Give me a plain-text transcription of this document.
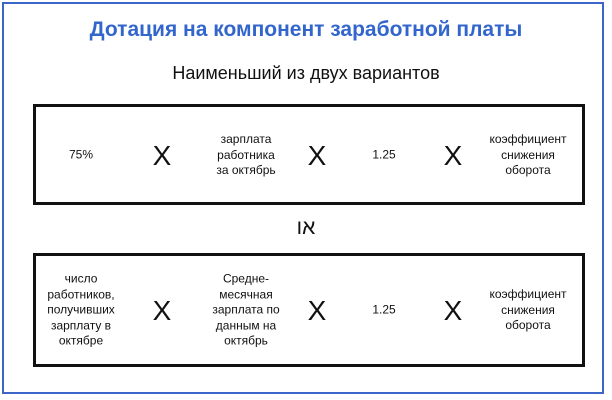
Дотация на компонент заработной платы
Наименьший из двух вариантов
75% X
зарплата
работника
за октябрь X	1.25 X
коэффициент
снижения
оборота
או
число
работников,
получивших
зарплату в
октябре
X
Средне-
месячная
зарплата по
данным на
октябрь
X	1.25 X
коэффициент
снижения
оборота
